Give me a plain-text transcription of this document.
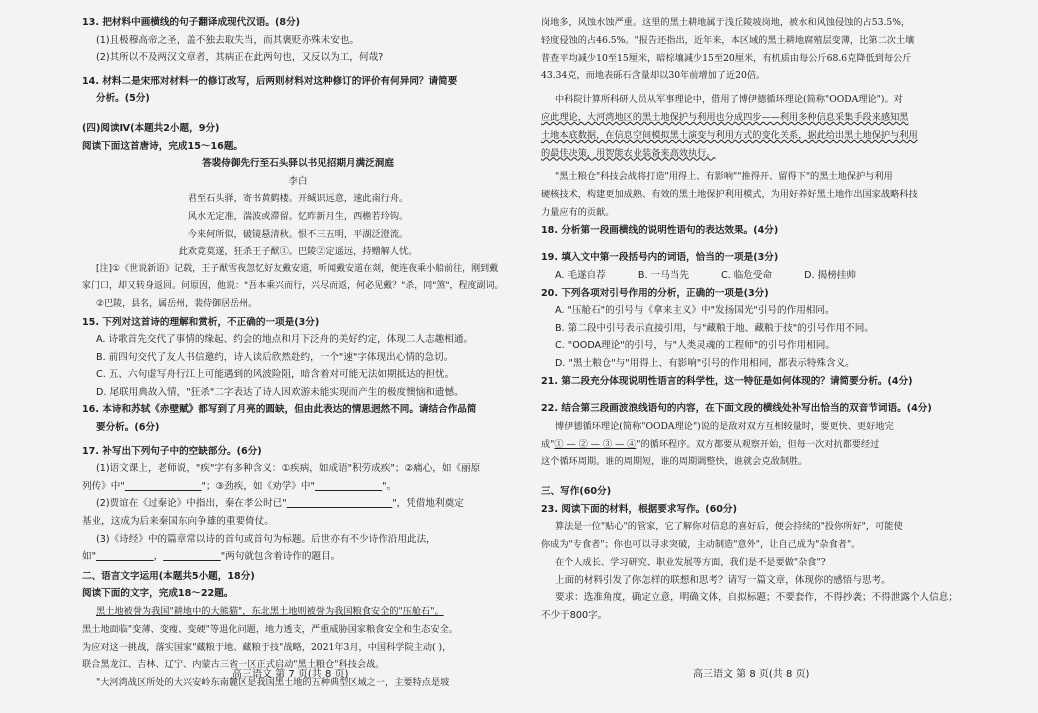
13. 把材料中画横线的句子翻译成现代汉语。(8分)

(1)且极穆高帝之圣，盖不独去取失当，而其褒贬亦殊未安也。

(2)其所以不及两汉文章者，其病正在此两句也，又反以为工，何哉?

14. 材料二是宋邢对材料一的修订改写，后两则材料对这种修订的评价有何异同？请简要

分析。(5分)

(四)阅读Ⅳ(本题共2小题，9分)

阅读下面这首唐诗，完成15～16题。

答裴侍御先行至石头驿以书见招期月满泛洞庭

李白

君至石头驿，寄书黄鹤楼。开缄识远意，速此南行舟。

风水无定准，湍波或滞留。忆昨新月生，西檐若玲钩。

今来何所似，破镜悬清秋。恨不三五明，平湖泛澄流。

此欢竟莫遂，狂杀王子猷①。巴陵②定遥远，持赠解人忧。

[注]①《世说新语》记载，王子猷雪夜忽忆好友戴安道，听闻戴安道在剡，便连夜乘小船前往，刚到戴

家门口，却又转身返回。问原因，他说："吾本乘兴而行，兴尽而返，何必见戴？"杀，同"煞"，程度副词。

②巴陵，县名，属岳州，裴侍御居岳州。

15. 下列对这首诗的理解和赏析，不正确的一项是(3分)

A. 诗歌首先交代了事情的缘起、约会的地点和月下泛舟的美好约定，体现二人志趣相通。

B. 前四句交代了友人书信邀约，诗人读后欣然赴约，一个"速"字体现出心情的急切。

C. 五、六句虚写舟行江上可能遇到的风波险阻，暗含着对可能无法如期抵达的担忧。

D. 尾联用典故入情，"狂杀"二字表达了诗人因欢游未能实现而产生的极度懊恼和遗憾。

16. 本诗和苏轼《赤壁赋》都写到了月亮的圆缺，但由此表达的情思迥然不同。请结合作品简

要分析。(6分)

17. 补写出下列句子中的空缺部分。(6分)

(1)语文课上，老师说，"疾"字有多种含义：①疾病，如成语"积劳成疾"；②痛心，如《丽原

列传》中"        	"；③劲疾，如《劝学》中"       	"。

(2)贾谊在《过秦论》中指出，秦在孝公时已"           	"，凭借地利奠定

基业，这成为后来秦国东向争雄的重要倚仗。

(3)《诗经》中的篇章常以诗的首句或首句为标题。后世亦有不少诗作沿用此法，

如"      	，      	"两句就包含着诗作的题目。

二、语言文字运用(本题共5小题，18分)

阅读下面的文字，完成18～22题。

黑土地被誉为我国"耕地中的大熊猫"，东北黑土地则被誉为我国粮食安全的"压舱石"。

黑土地面临"变薄、变瘦、变硬"等退化问题，地力透支，严重威胁国家粮食安全和生态安全。

为应对这一挑战，落实国家"藏粮于地、藏粮于技"战略，2021年3月，中国科学院主动( )，

联合黑龙江、吉林、辽宁、内蒙古三省一区正式启动"黑土粮仓"科技会战。

"大河湾战区所处的大兴安岭东南麓区是我国黑土地的五种典型区域之一，主要特点是坡

高三语文 第 7 页(共 8 页)

岗地多，风蚀水蚀严重。这里的黑土耕地属于浅丘陵坡岗地，被水和风蚀侵蚀的占53.5%，

轻度侵蚀的占46.5%。"报告还指出，近年来，本区域的黑土耕地腐殖层变薄，比第二次土壤

普查平均减少10至15厘米，暗棕壤减少15至20厘米，有机质由每公斤68.6克降低到每公斤

43.34克，而地表砾石含量却以30年前增加了近20倍。

中科院计算所科研人员从军事理论中，借用了博伊德循环理论(简称"OODA理论")。对

应此理论，大河湾地区的黑土地保护与利用也分成四步——利用多种信息采集手段来感知黑

土地本底数据，在信息空间模拟黑土演变与利用方式的变化关系，据此给出黑土地保护与利用

的最佳决策，用智能农业装备来高效执行。

"黑土粮仓"科技会战将打造"用得上、有影响""推得开、留得下"的黑土地保护与利用

硬核技术，构建更加成熟、有效的黑土地保护利用模式，为用好养好黑土地作出国家战略科技

力量应有的贡献。

18. 分析第一段画横线的说明性语句的表达效果。(4分)

19. 填入文中第一段括号内的词语，恰当的一项是(3分)

A. 毛遂自荐	B. 一马当先	C. 临危受命	D. 揭榜挂帅

20. 下列各项对引号作用的分析，正确的一项是(3分)

A. "压舱石"的引号与《拿来主义》中"发扬国光"引号的作用相同。

B. 第二段中引号表示直接引用，与"藏粮于地、藏粮于技"的引号作用不同。

C. "OODA理论"的引号，与"人类灵魂的工程师"的引号作用相同。

D. "黑土粮仓"与"用得上、有影响"引号的作用相同，都表示特殊含义。

21. 第二段充分体现说明性语言的科学性，这一特征是如何体现的？请简要分析。(4分)

22. 结合第三段画波浪线语句的内容，在下面文段的横线处补写出恰当的双音节词语。(4分)

博伊德循环理论(简称"OODA理论")说的是敌对双方互相较量时，要更快、更好地完

成"① — ② — ③ — ④"的循环程序。双方都要从观察开始，但每一次对抗都要经过

这个循环周期。谁的周期短，谁的周期调整快，谁就会克敌制胜。

三、写作(60分)

23. 阅读下面的材料，根据要求写作。(60分)

算法是一位"贴心"的管家，它了解你对信息的喜好后，便会持续的"投你所好"，可能使

你成为"专食者"；你也可以寻求突破，主动制造"意外"，让自己成为"杂食者"。

在个人成长、学习研究、职业发展等方面，我们是不是要做"杂食"?

上面的材料引发了你怎样的联想和思考？请写一篇文章，体现你的感悟与思考。

要求：选准角度，确定立意，明确文体，自拟标题；不要套作，不得抄袭；不得泄露个人信息；

不少于800字。

高三语文 第 8 页(共 8 页)
